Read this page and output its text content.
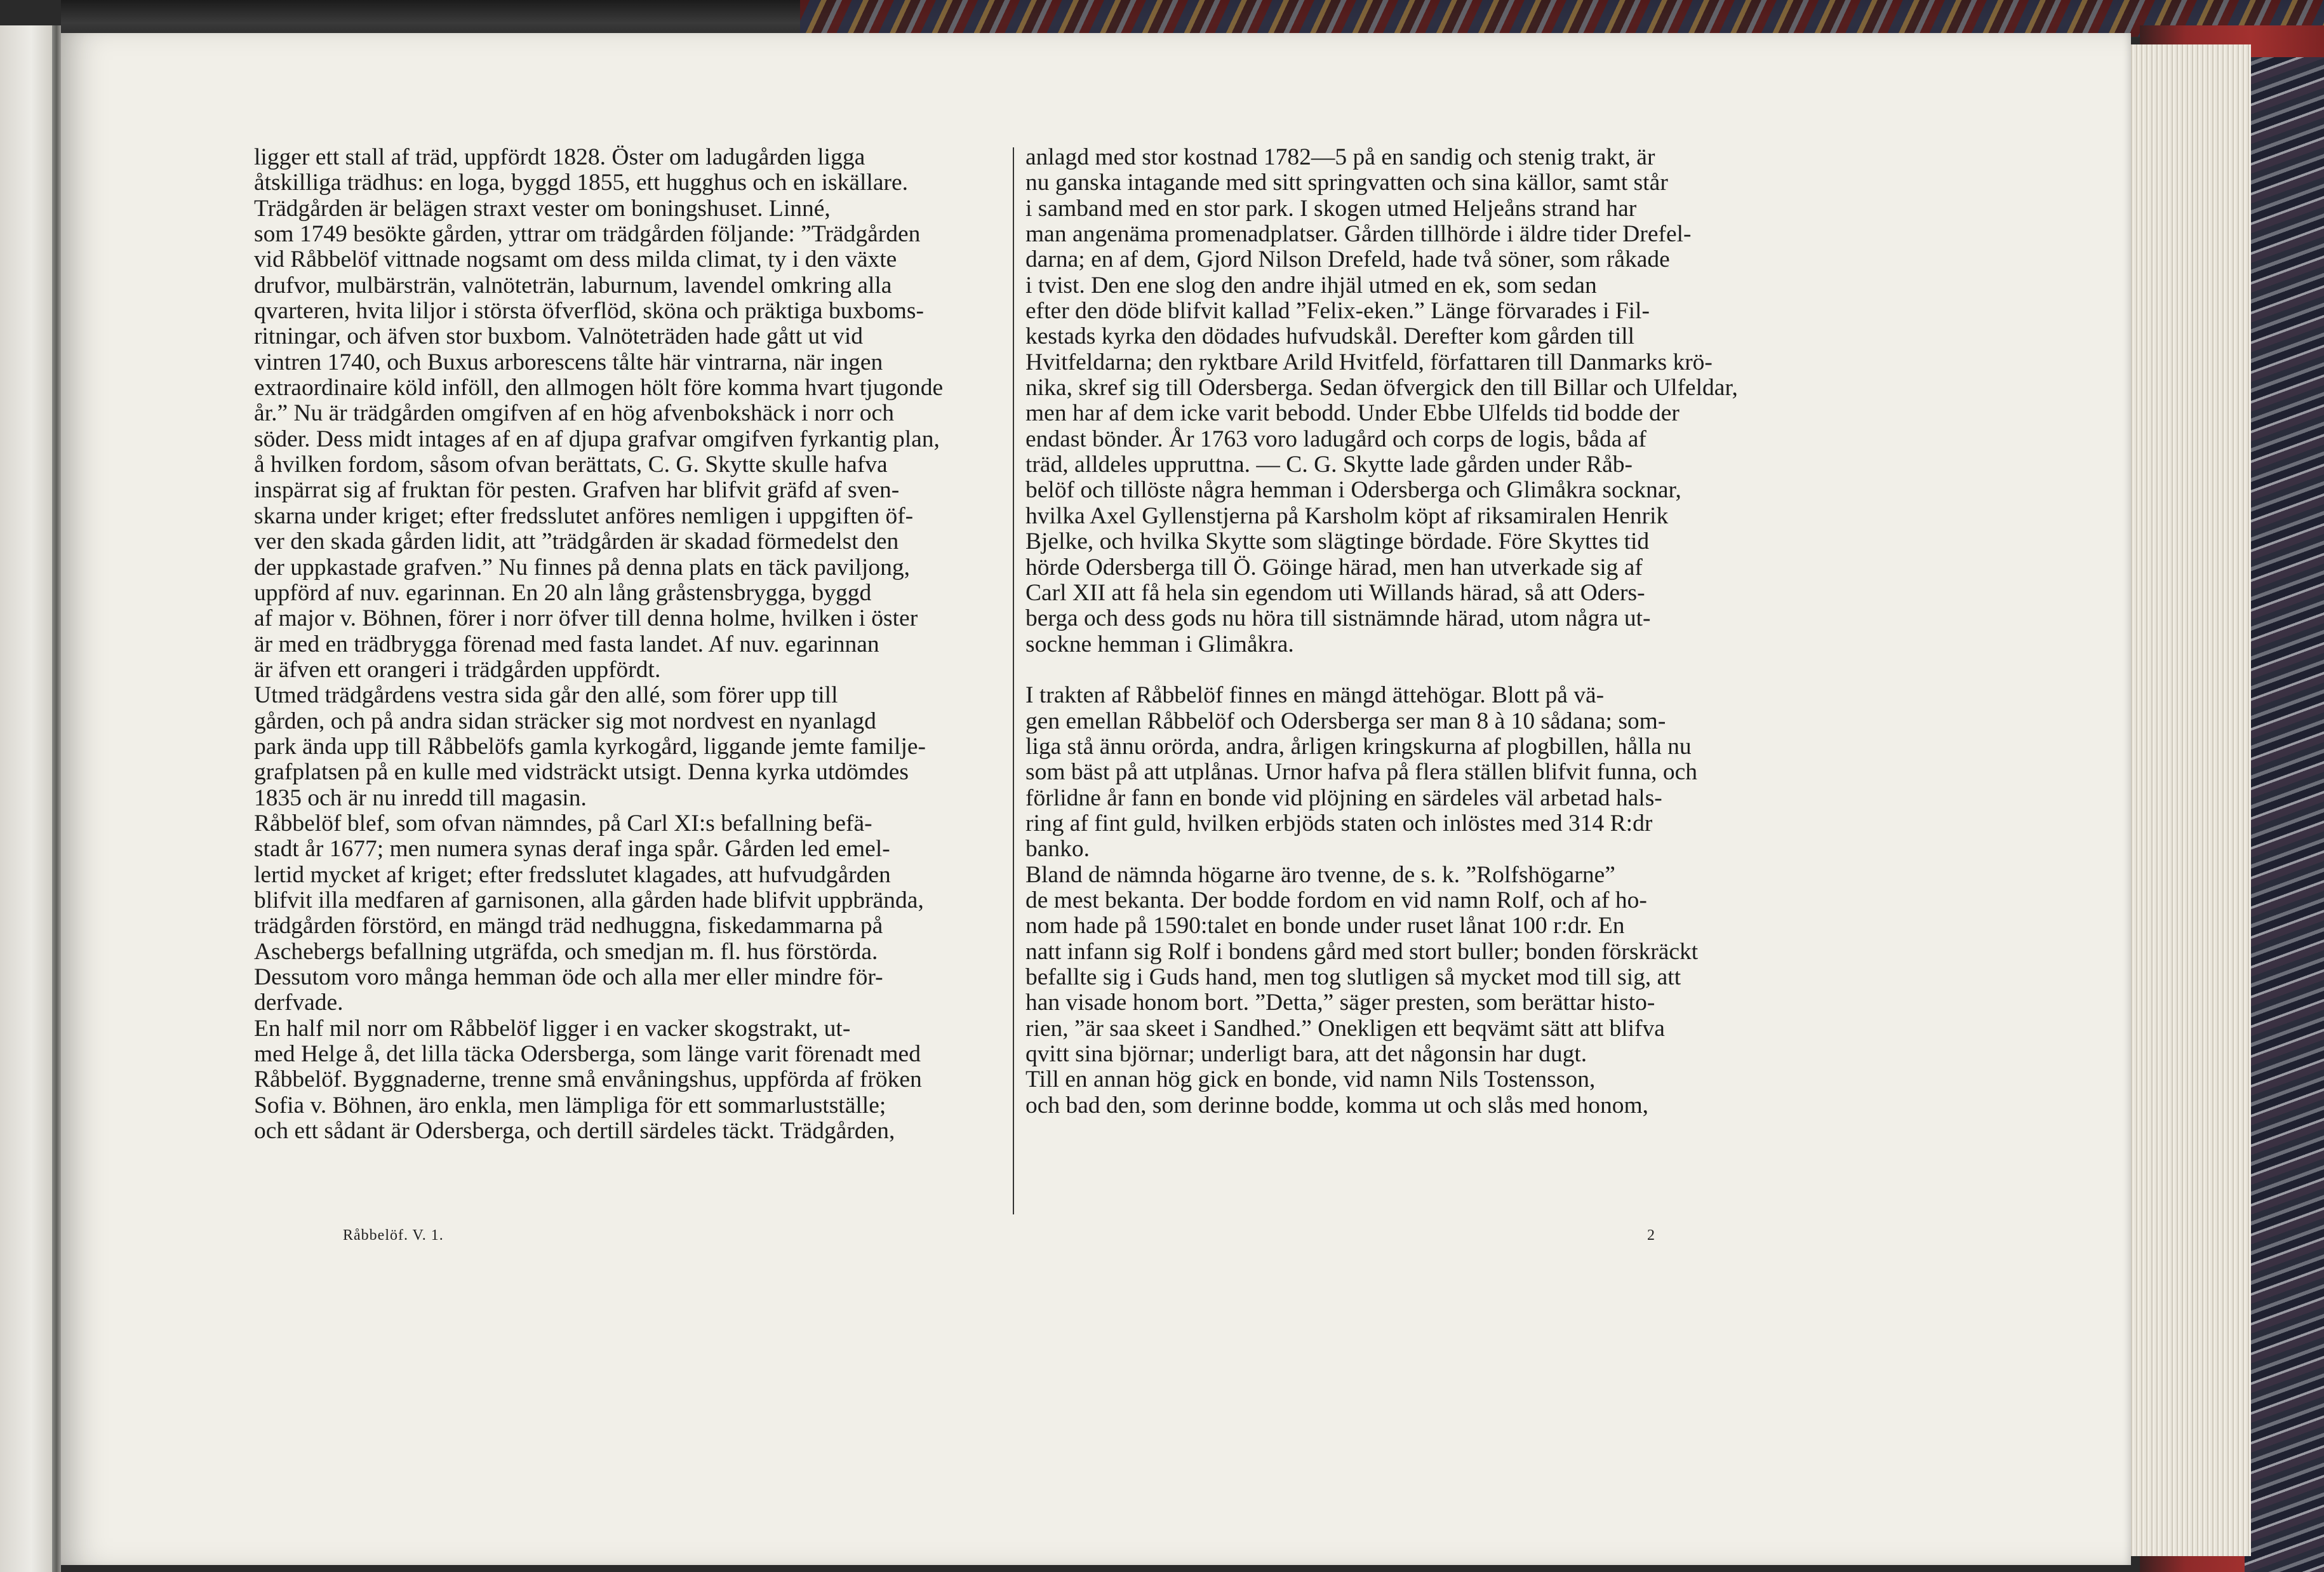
ligger ett stall af träd, uppfördt 1828. Öster om ladugården ligga
åtskilliga trädhus: en loga, byggd 1855, ett hugghus och en iskällare.
Trädgården är belägen straxt vester om boningshuset. Linné,
som 1749 besökte gården, yttrar om trädgården följande: ”Trädgården
vid Råbbelöf vittnade nogsamt om dess milda climat, ty i den växte
drufvor, mulbärsträn, valnöteträn, laburnum, lavendel omkring alla
qvarteren, hvita liljor i största öfverflöd, sköna och präktiga buxboms-
ritningar, och äfven stor buxbom. Valnöteträden hade gått ut vid
vintren 1740, och Buxus arborescens tålte här vintrarna, när ingen
extraordinaire köld inföll, den allmogen hölt före komma hvart tjugonde
år.” Nu är trädgården omgifven af en hög afvenbokshäck i norr och
söder. Dess midt intages af en af djupa grafvar omgifven fyrkantig plan,
å hvilken fordom, såsom ofvan berättats, C. G. Skytte skulle hafva
inspärrat sig af fruktan för pesten. Grafven har blifvit gräfd af sven-
skarna under kriget; efter fredsslutet anföres nemligen i uppgiften öf-
ver den skada gården lidit, att ”trädgården är skadad förmedelst den
der uppkastade grafven.” Nu finnes på denna plats en täck paviljong,
uppförd af nuv. egarinnan. En 20 aln lång gråstensbrygga, byggd
af major v. Böhnen, förer i norr öfver till denna holme, hvilken i öster
är med en trädbrygga förenad med fasta landet. Af nuv. egarinnan
är äfven ett orangeri i trädgården uppfördt.
Utmed trädgårdens vestra sida går den allé, som förer upp till
gården, och på andra sidan sträcker sig mot nordvest en nyanlagd
park ända upp till Råbbelöfs gamla kyrkogård, liggande jemte familje-
grafplatsen på en kulle med vidsträckt utsigt. Denna kyrka utdömdes
1835 och är nu inredd till magasin.
Råbbelöf blef, som ofvan nämndes, på Carl XI:s befallning befä-
stadt år 1677; men numera synas deraf inga spår. Gården led emel-
lertid mycket af kriget; efter fredsslutet klagades, att hufvudgården
blifvit illa medfaren af garnisonen, alla gården hade blifvit uppbrända,
trädgården förstörd, en mängd träd nedhuggna, fiskedammarna på
Aschebergs befallning utgräfda, och smedjan m. fl. hus förstörda.
Dessutom voro många hemman öde och alla mer eller mindre för-
derfvade.
En half mil norr om Råbbelöf ligger i en vacker skogstrakt, ut-
med Helge å, det lilla täcka Odersberga, som länge varit förenadt med
Råbbelöf. Byggnaderne, trenne små envåningshus, uppförda af fröken
Sofia v. Böhnen, äro enkla, men lämpliga för ett sommarlustställe;
och ett sådant är Odersberga, och dertill särdeles täckt. Trädgården,
anlagd med stor kostnad 1782—5 på en sandig och stenig trakt, är
nu ganska intagande med sitt springvatten och sina källor, samt står
i samband med en stor park. I skogen utmed Heljeåns strand har
man angenäma promenadplatser. Gården tillhörde i äldre tider Drefel-
darna; en af dem, Gjord Nilson Drefeld, hade två söner, som råkade
i tvist. Den ene slog den andre ihjäl utmed en ek, som sedan
efter den döde blifvit kallad ”Felix-eken.” Länge förvarades i Fil-
kestads kyrka den dödades hufvudskål. Derefter kom gården till
Hvitfeldarna; den ryktbare Arild Hvitfeld, författaren till Danmarks krö-
nika, skref sig till Odersberga. Sedan öfvergick den till Billar och Ulfeldar,
men har af dem icke varit bebodd. Under Ebbe Ulfelds tid bodde der
endast bönder. År 1763 voro ladugård och corps de logis, båda af
träd, alldeles uppruttna. — C. G. Skytte lade gården under Råb-
belöf och tillöste några hemman i Odersberga och Glimåkra socknar,
hvilka Axel Gyllenstjerna på Karsholm köpt af riksamiralen Henrik
Bjelke, och hvilka Skytte som slägtinge bördade. Före Skyttes tid
hörde Odersberga till Ö. Göinge härad, men han utverkade sig af
Carl XII att få hela sin egendom uti Willands härad, så att Oders-
berga och dess gods nu höra till sistnämnde härad, utom några ut-
sockne hemman i Glimåkra.
I trakten af Råbbelöf finnes en mängd ättehögar. Blott på vä-
gen emellan Råbbelöf och Odersberga ser man 8 à 10 sådana; som-
liga stå ännu orörda, andra, årligen kringskurna af plogbillen, hålla nu
som bäst på att utplånas. Urnor hafva på flera ställen blifvit funna, och
förlidne år fann en bonde vid plöjning en särdeles väl arbetad hals-
ring af fint guld, hvilken erbjöds staten och inlöstes med 314 R:dr
banko.
Bland de nämnda högarne äro tvenne, de s. k. ”Rolfshögarne”
de mest bekanta. Der bodde fordom en vid namn Rolf, och af ho-
nom hade på 1590:talet en bonde under ruset lånat 100 r:dr. En
natt infann sig Rolf i bondens gård med stort buller; bonden förskräckt
befallte sig i Guds hand, men tog slutligen så mycket mod till sig, att
han visade honom bort. ”Detta,” säger presten, som berättar histo-
rien, ”är saa skeet i Sandhed.” Onekligen ett beqvämt sätt att blifva
qvitt sina björnar; underligt bara, att det någonsin har dugt.
Till en annan hög gick en bonde, vid namn Nils Tostensson,
och bad den, som derinne bodde, komma ut och slås med honom,
Råbbelöf. V. 1.	2
